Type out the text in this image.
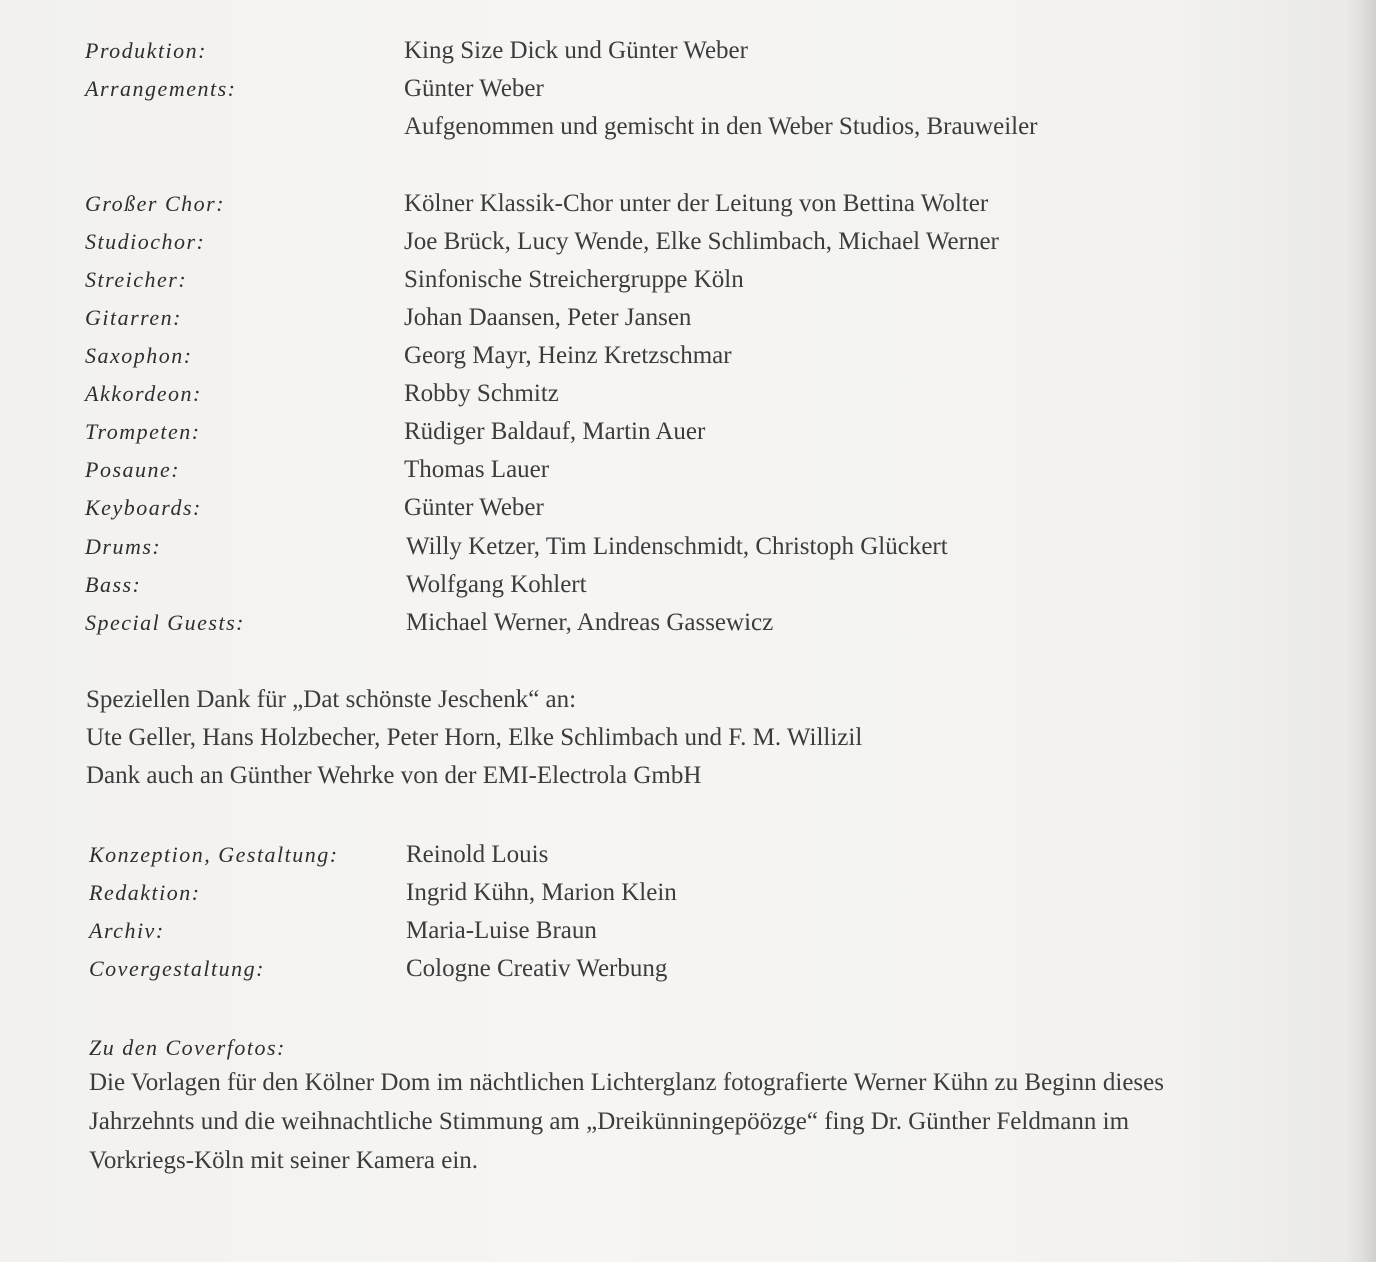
Produktion:	King Size Dick und Günter Weber
Arrangements:	Günter Weber
Aufgenommen und gemischt in den Weber Studios, Brauweiler
Großer Chor:	Kölner Klassik-Chor unter der Leitung von Bettina Wolter
Studiochor:	Joe Brück, Lucy Wende, Elke Schlimbach, Michael Werner
Streicher:	Sinfonische Streichergruppe Köln
Gitarren:	Johan Daansen, Peter Jansen
Saxophon:	Georg Mayr, Heinz Kretzschmar
Akkordeon:	Robby Schmitz
Trompeten:	Rüdiger Baldauf, Martin Auer
Posaune:	Thomas Lauer
Keyboards:	Günter Weber
Drums:	Willy Ketzer, Tim Lindenschmidt, Christoph Glückert
Bass:	Wolfgang Kohlert
Special Guests:	Michael Werner, Andreas Gassewicz
Speziellen Dank für „Dat schönste Jeschenk“ an:
Ute Geller, Hans Holzbecher, Peter Horn, Elke Schlimbach und F. M. Willizil
Dank auch an Günther Wehrke von der EMI-Electrola GmbH
Konzeption, Gestaltung:	Reinold Louis
Redaktion:	Ingrid Kühn, Marion Klein
Archiv:	Maria-Luise Braun
Covergestaltung:	Cologne Creativ Werbung
Zu den Coverfotos:
Die Vorlagen für den Kölner Dom im nächtlichen Lichterglanz fotografierte Werner Kühn zu Beginn dieses
Jahrzehnts und die weihnachtliche Stimmung am „Dreikünningepöözge“ fing Dr. Günther Feldmann im
Vorkriegs-Köln mit seiner Kamera ein.
